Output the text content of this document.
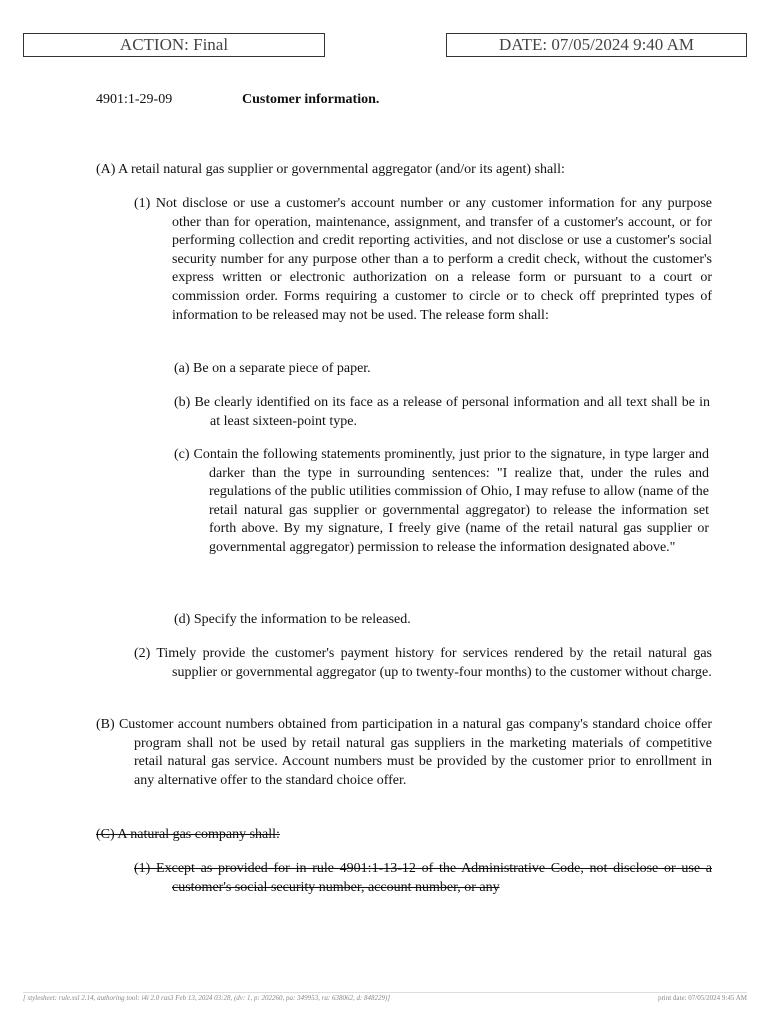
ACTION: Final	DATE: 07/05/2024 9:40 AM
4901:1-29-09	Customer information.
(A) A retail natural gas supplier or governmental aggregator (and/or its agent) shall:
(1) Not disclose or use a customer's account number or any customer information for any purpose other than for operation, maintenance, assignment, and transfer of a customer's account, or for performing collection and credit reporting activities, and not disclose or use a customer's social security number for any purpose other than a to perform a credit check, without the customer's express written or electronic authorization on a release form or pursuant to a court or commission order. Forms requiring a customer to circle or to check off preprinted types of information to be released may not be used. The release form shall:
(a) Be on a separate piece of paper.
(b) Be clearly identified on its face as a release of personal information and all text shall be in at least sixteen-point type.
(c) Contain the following statements prominently, just prior to the signature, in type larger and darker than the type in surrounding sentences: "I realize that, under the rules and regulations of the public utilities commission of Ohio, I may refuse to allow (name of the retail natural gas supplier or governmental aggregator) to release the information set forth above. By my signature, I freely give (name of the retail natural gas supplier or governmental aggregator) permission to release the information designated above."
(d) Specify the information to be released.
(2) Timely provide the customer's payment history for services rendered by the retail natural gas supplier or governmental aggregator (up to twenty-four months) to the customer without charge.
(B) Customer account numbers obtained from participation in a natural gas company's standard choice offer program shall not be used by retail natural gas suppliers in the marketing materials of competitive retail natural gas service. Account numbers must be provided by the customer prior to enrollment in any alternative offer to the standard choice offer.
(C) A natural gas company shall:
(1) Except as provided for in rule 4901:1-13-12 of the Administrative Code, not disclose or use a customer's social security number, account number, or any
[ stylesheet: rule.xsl 2.14, authoring tool: i4i 2.0 ras3 Feb 13, 2024 03:28, (dv: 1, p: 202260, pa: 349953, ra: 638062, d: 848229)]	print date: 07/05/2024 9:45 AM
